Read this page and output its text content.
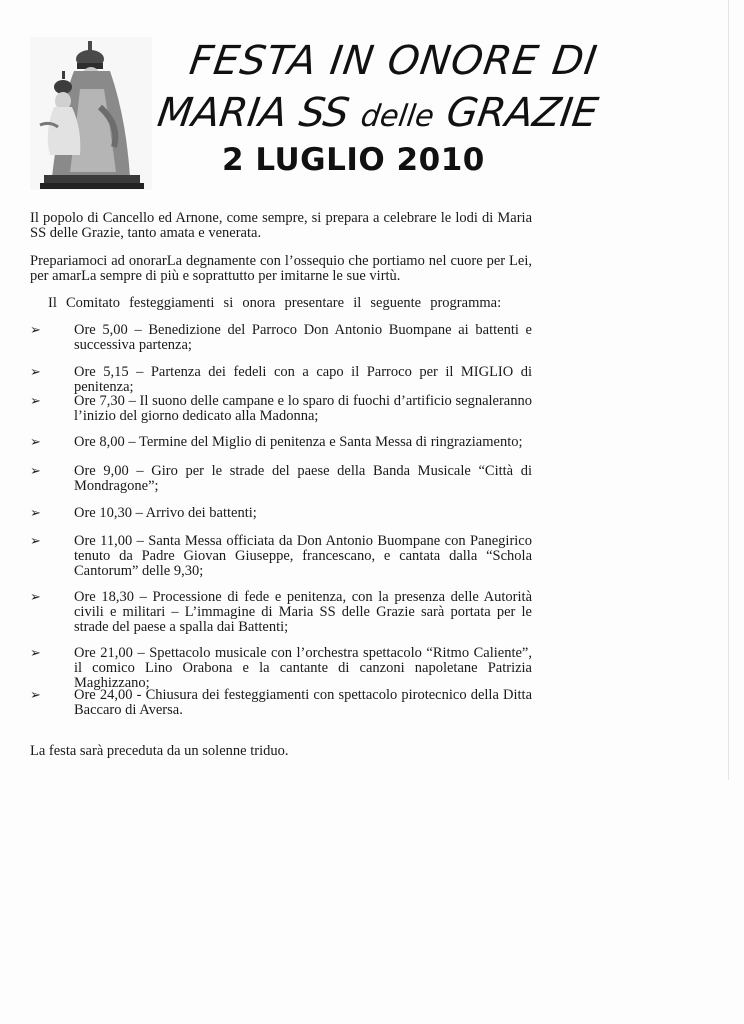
FESTA IN ONORE DI
MARIA SS delle GRAZIE
2 LUGLIO 2010
Il popolo di Cancello ed Arnone, come sempre, si prepara a celebrare le lodi di Maria SS delle Grazie, tanto amata e venerata.
Prepariamoci ad onorarLa degnamente con l’ossequio che portiamo nel cuore per Lei, per amarLa sempre di più e soprattutto per imitarne le sue virtù.
Il Comitato festeggiamenti si onora presentare il seguente programma:
➢ Ore 5,00 – Benedizione del Parroco Don Antonio Buompane ai battenti e successiva partenza;
➢ Ore 5,15 – Partenza dei fedeli con a capo il Parroco per il MIGLIO di penitenza;
➢ Ore 7,30 – Il suono delle campane e lo sparo di fuochi d’artificio segnaleranno l’inizio del giorno dedicato alla Madonna;
➢ Ore 8,00 – Termine del Miglio di penitenza e Santa Messa di ringraziamento;
➢ Ore 9,00 – Giro per le strade del paese della Banda Musicale “Città di Mondragone”;
➢ Ore 10,30 – Arrivo dei battenti;
➢ Ore 11,00 – Santa Messa officiata da Don Antonio Buompane con Panegirico tenuto da Padre Giovan Giuseppe, francescano, e cantata dalla “Schola Cantorum” delle 9,30;
➢ Ore 18,30 – Processione di fede e penitenza, con la presenza delle Autorità civili e militari – L’immagine di Maria SS delle Grazie sarà portata per le strade del paese a spalla dai Battenti;
➢ Ore 21,00 – Spettacolo musicale con l’orchestra spettacolo “Ritmo Caliente”, il comico Lino Orabona e la cantante di canzoni napoletane Patrizia Maghizzano;
➢ Ore 24,00 - Chiusura dei festeggiamenti con spettacolo pirotecnico della Ditta Baccaro di Aversa.
La festa sarà preceduta da un solenne triduo.
